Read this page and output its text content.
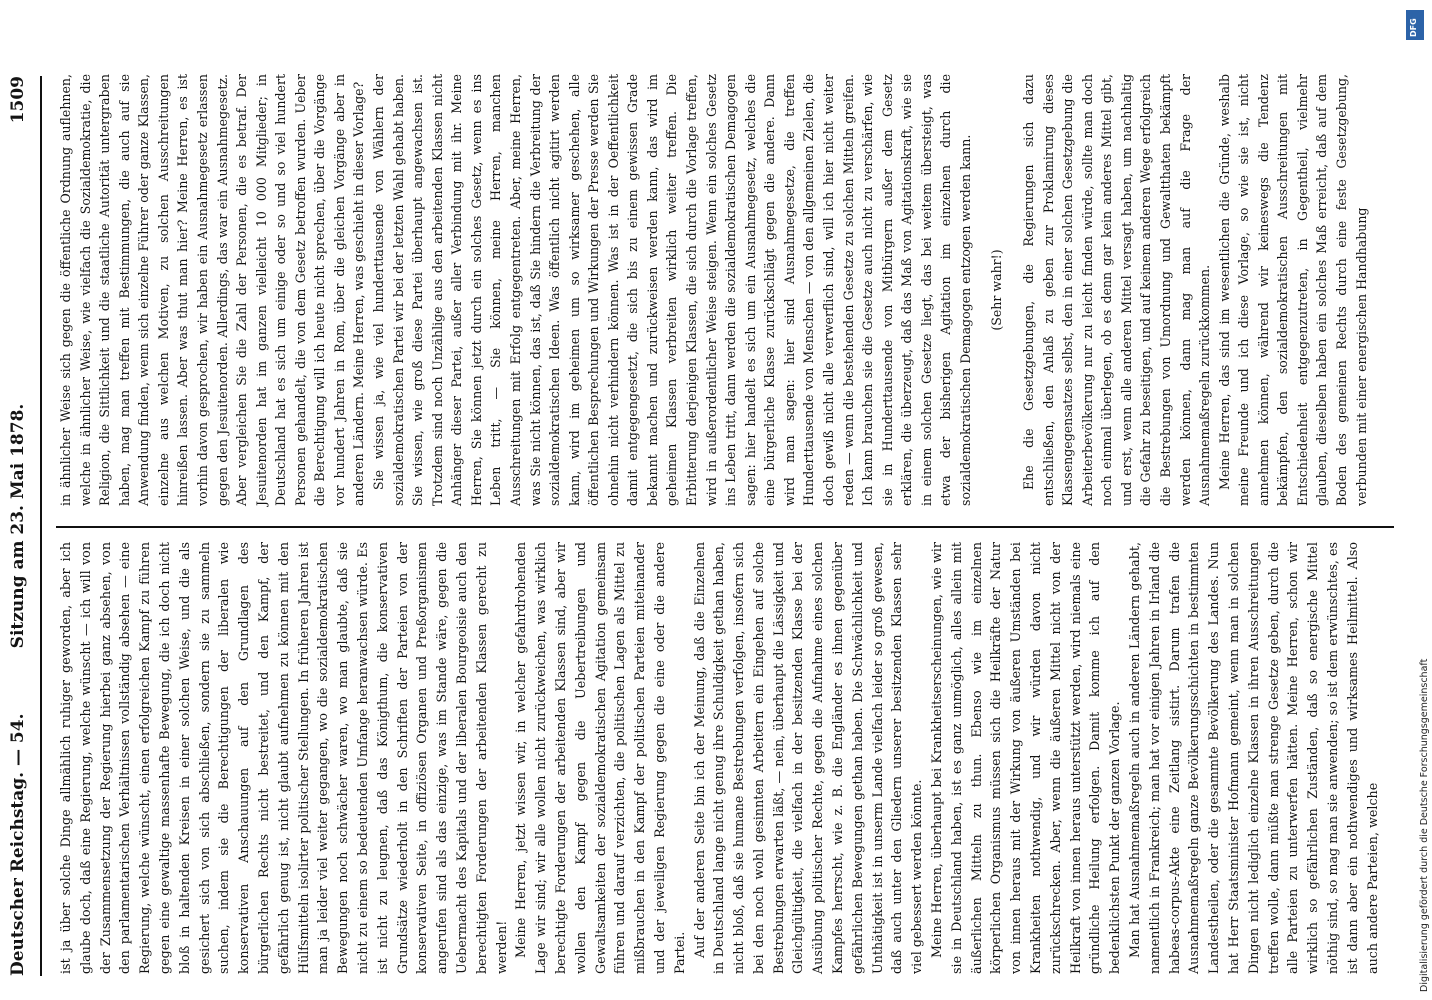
Deutscher Reichstag. — 54.
Sitzung am 23. Mai 1878.
1509

ist ja über solche Dinge allmählich ruhiger geworden, aber ich glaube doch, daß eine Regierung, welche wünscht — ich will von der Zusammensetzung der Regierung hierbei ganz absehen, von den parlamentarischen Verhältnissen vollständig absehen — eine Regierung, welche wünscht, einen erfolgreichen Kampf zu führen gegen eine gewaltige massenhafte Bewegung, die ich doch nicht bloß in haltenden Kreisen in einer solchen Weise, und die als gesichert sich von sich abschließen, sondern sie zu sammeln suchen, indem sie die Berechtigungen der liberalen wie konservativen Anschauungen auf den Grundlagen des bürgerlichen Rechts nicht bestreitet, und den Kampf, der gefährlich genug ist, nicht glaubt aufnehmen zu können mit den Hülfsmitteln isolirter politischer Stellungen. In früheren Jahren ist man ja leider viel weiter gegangen, wo die sozialdemokratischen Bewegungen noch schwächer waren, wo man glaubte, daß sie nicht zu einem so bedeutenden Umfange heranwachsen würde. Es ist nicht zu leugnen, daß das Königthum, die konservativen Grundsätze wiederholt in den Schriften der Parteien von der konservativen Seite, in offiziösen Organen und Preßorganismen angerufen sind als das einzige, was im Stande wäre, gegen die Uebermacht des Kapitals und der liberalen Bourgeoisie auch den berechtigten Forderungen der arbeitenden Klassen gerecht zu werden! Meine Herren, jetzt wissen wir, in welcher gefahrdrohenden Lage wir sind; wir alle wollen nicht zurückweichen, was wirklich berechtigte Forderungen der arbeitenden Klassen sind, aber wir wollen den Kampf gegen die Uebertreibungen und Gewaltsamkeiten der sozialdemokratischen Agitation gemeinsam führen und darauf verzichten, die politischen Lagen als Mittel zu mißbrauchen in den Kampf der politischen Parteien miteinander und der jeweiligen Regierung gegen die eine oder die andere Partei. Auf der anderen Seite bin ich der Meinung, daß die Einzelnen in Deutschland lange nicht genug ihre Schuldigkeit gethan haben, nicht bloß, daß sie humane Bestrebungen verfolgen, insofern sich bei den noch wohl gesinnten Arbeitern ein Eingehen auf solche Bestrebungen erwarten läßt, — nein, überhaupt die Lässigkeit und Gleichgültigkeit, die vielfach in der besitzenden Klasse bei der Ausübung politischer Rechte, gegen die Aufnahme eines solchen Kampfes herrscht, wie z. B. die Engländer es ihnen gegenüber gefährlichen Bewegungen gethan haben. Die Schwächlichkeit und Unthätigkeit ist in unserm Lande vielfach leider so groß gewesen, daß auch unter den Gliedern unserer besitzenden Klassen sehr viel gebessert werden könnte. Meine Herren, überhaupt bei Krankheitserscheinungen, wie wir sie in Deutschland haben, ist es ganz unmöglich, alles allein mit äußerlichen Mitteln zu thun. Ebenso wie im einzelnen körperlichen Organismus müssen sich die Heilkräfte der Natur von innen heraus mit der Wirkung von äußeren Umständen bei Krankheiten nothwendig, und wir würden davon nicht zurückschrecken. Aber, wenn die äußeren Mittel nicht von der Heilkraft von innen heraus unterstützt werden, wird niemals eine gründliche Heilung erfolgen. Damit komme ich auf den bedenklichsten Punkt der ganzen Vorlage. Man hat Ausnahmemaßregeln auch in anderen Ländern gehabt, namentlich in Frankreich; man hat vor einigen Jahren in Irland die habeas-corpus-Akte eine Zeitlang sistirt. Darum trafen die Ausnahmemaßregeln ganze Bevölkerungsschichten in bestimmten Landestheilen, oder die gesammte Bevölkerung des Landes. Nun hat Herr Staatsminister Hofmann gemeint, wenn man in solchen Dingen nicht lediglich einzelne Klassen in ihren Ausschreitungen treffen wolle, dann müßte man strenge Gesetze geben, durch die alle Parteien zu unterwerfen hätten. Meine Herren, schon wir wirklich so gefährlichen Zuständen, daß so energische Mittel nöthig sind, so mag man sie anwenden; so ist dem erwünschtes, es ist dann aber ein nothwendiges und wirksames Heilmittel. Also auch andere Parteien, welche

in ähnlicher Weise sich gegen die öffentliche Ordnung auflehnen, welche in ähnlicher Weise, wie vielfach die Sozialdemokratie, die Religion, die Sittlichkeit und die staatliche Autorität untergraben haben, mag man treffen mit Bestimmungen, die auch auf sie Anwendung finden, wenn sich einzelne Führer oder ganze Klassen, einzelne aus welchen Motiven, zu solchen Ausschreitungen hinreißen lassen. Aber was thut man hier? Meine Herren, es ist vorhin davon gesprochen, wir haben ein Ausnahmegesetz erlassen gegen den Jesuitenorden. Allerdings, das war ein Ausnahmegesetz. Aber vergleichen Sie die Zahl der Personen, die es betraf. Der Jesuitenorden hat im ganzen vielleicht 10 000 Mitglieder; in Deutschland hat es sich um einige oder so und so viel hundert Personen gehandelt, die von dem Gesetz betroffen wurden. Ueber die Berechtigung will ich heute nicht sprechen, über die Vorgänge vor hundert Jahren in Rom, über die gleichen Vorgänge aber in anderen Ländern. Meine Herren, was geschieht in dieser Vorlage? Sie wissen ja, wie viel hunderttausende von Wählern der sozialdemokratischen Partei wir bei der letzten Wahl gehabt haben. Sie wissen, wie groß diese Partei überhaupt angewachsen ist. Trotzdem sind noch Unzählige aus den arbeitenden Klassen nicht Anhänger dieser Partei, außer aller Verbindung mit ihr. Meine Herren, Sie können jetzt durch ein solches Gesetz, wenn es ins Leben tritt, — Sie können, meine Herren, manchen Ausschreitungen mit Erfolg entgegentreten. Aber, meine Herren, was Sie nicht können, das ist, daß Sie hindern die Verbreitung der sozialdemokratischen Ideen. Was öffentlich nicht agitirt werden kann, wird im geheimen um so wirksamer geschehen, alle öffentlichen Besprechungen und Wirkungen der Presse werden Sie ohnehin nicht verhindern können. Was ist in der Oeffentlichkeit damit entgegengesetzt, die sich bis zu einem gewissen Grade bekannt machen und zurückweisen werden kann, das wird im geheimen Klassen verbreiten wirklich weiter treffen. Die Erbitterung derjenigen Klassen, die sich durch die Vorlage treffen, wird in außerordentlicher Weise steigen. Wenn ein solches Gesetz ins Leben tritt, dann werden die sozialdemokratischen Demagogen sagen: hier handelt es sich um ein Ausnahmegesetz, welches die eine bürgerliche Klasse zurückschlägt gegen die andere. Dann wird man sagen: hier sind Ausnahmegesetze, die treffen Hunderttausende von Menschen — von den allgemeinen Zielen, die doch gewiß nicht alle verwerflich sind, will ich hier nicht weiter reden — wenn die bestehenden Gesetze zu solchen Mitteln greifen. Ich kann brauchen sie die Gesetze auch nicht zu verschärfen, wie sie in Hunderttausende von Mitbürgern außer dem Gesetz erklären, die überzeugt, daß das Maß von Agitationskraft, wie sie in einem solchen Gesetze liegt, das bei weitem übersteigt, was etwa der bisherigen Agitation im einzelnen durch die sozialdemokratischen Demagogen entzogen werden kann. (Sehr wahr!) Ehe die Gesetzgebungen, die Regierungen sich dazu entschließen, den Anlaß zu geben zur Proklamirung dieses Klassengegensatzes selbst, den in einer solchen Gesetzgebung die Arbeiterbevölkerung nur zu leicht finden würde, sollte man doch noch einmal überlegen, ob es denn gar kein anderes Mittel gibt, und erst, wenn alle anderen Mittel versagt haben, um nachhaltig die Gefahr zu beseitigen, und auf keinem anderen Wege erfolgreich die Bestrebungen von Umordnung und Gewaltthaten bekämpft werden können, dann mag man auf die Frage der Ausnahmemaßregeln zurückkommen. Meine Herren, das sind im wesentlichen die Gründe, weshalb meine Freunde und ich diese Vorlage, so wie sie ist, nicht annehmen können, während wir keineswegs die Tendenz bekämpfen, den sozialdemokratischen Ausschreitungen mit Entschiedenheit entgegenzutreten, in Gegentheil, vielmehr glauben, dieselben haben ein solches Maß erreicht, daß auf dem Boden des gemeinen Rechts durch eine feste Gesetzgebung, verbunden mit einer energischen Handhabung

DFG
Digitalisierung gefördert durch die Deutsche Forschungsgemeinschaft
